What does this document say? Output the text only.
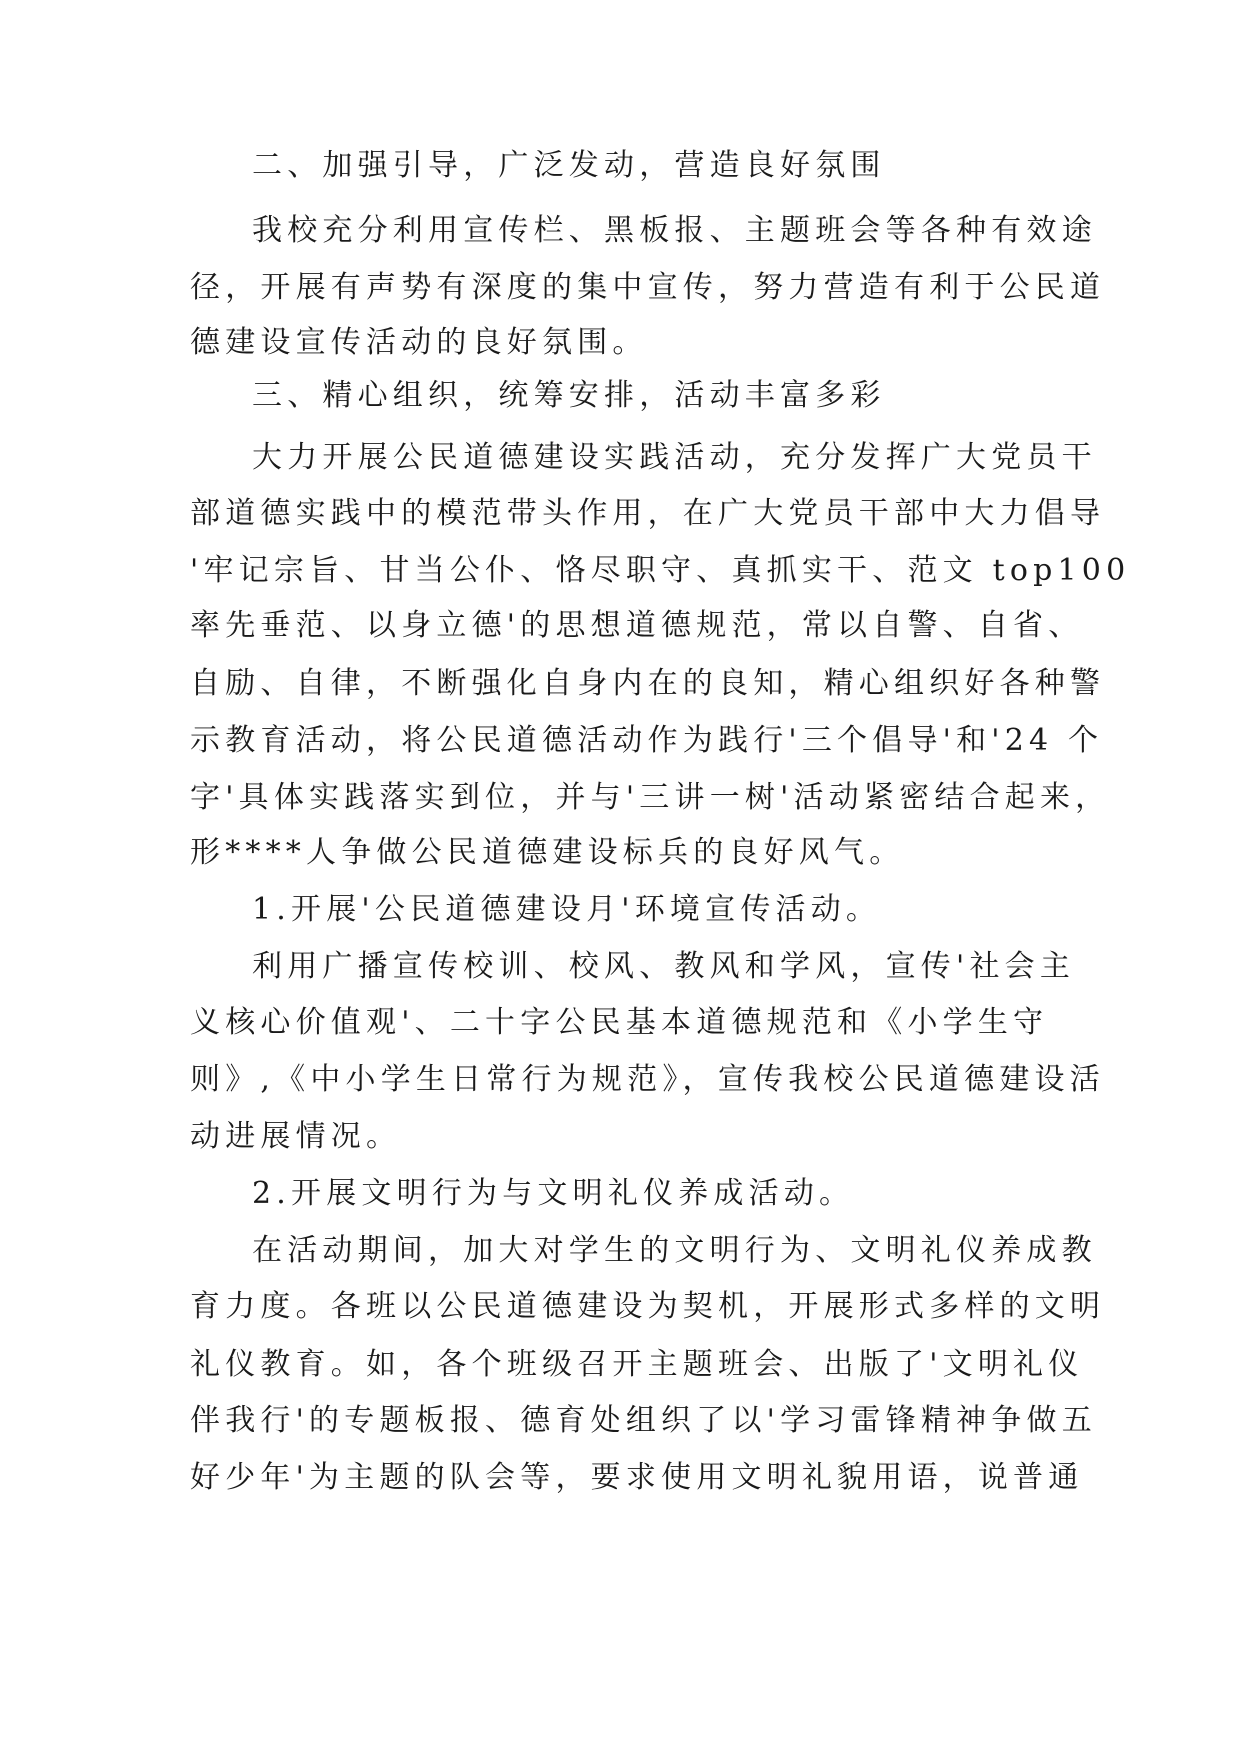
二、加强引导，广泛发动，营造良好氛围
我校充分利用宣传栏、黑板报、主题班会等各种有效途
径，开展有声势有深度的集中宣传，努力营造有利于公民道
德建设宣传活动的良好氛围。
三、精心组织，统筹安排，活动丰富多彩
大力开展公民道德建设实践活动，充分发挥广大党员干
部道德实践中的模范带头作用，在广大党员干部中大力倡导
'牢记宗旨、甘当公仆、恪尽职守、真抓实干、范文 top100
率先垂范、以身立德'的思想道德规范，常以自警、自省、
自励、自律，不断强化自身内在的良知，精心组织好各种警
示教育活动，将公民道德活动作为践行'三个倡导'和'24 个
字'具体实践落实到位，并与'三讲一树'活动紧密结合起来，
形****人争做公民道德建设标兵的良好风气。
1.开展'公民道德建设月'环境宣传活动。
利用广播宣传校训、校风、教风和学风，宣传'社会主
义核心价值观'、二十字公民基本道德规范和《小学生守
则》,《中小学生日常行为规范》，宣传我校公民道德建设活
动进展情况。
2.开展文明行为与文明礼仪养成活动。
在活动期间，加大对学生的文明行为、文明礼仪养成教
育力度。各班以公民道德建设为契机，开展形式多样的文明
礼仪教育。如，各个班级召开主题班会、出版了'文明礼仪
伴我行'的专题板报、德育处组织了以'学习雷锋精神争做五
好少年'为主题的队会等，要求使用文明礼貌用语，说普通
